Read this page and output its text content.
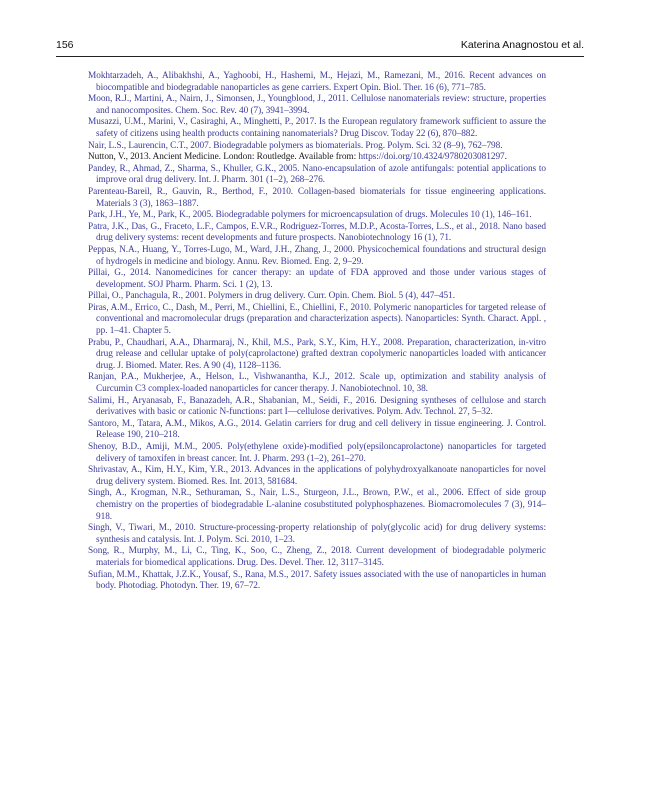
156	Katerina Anagnostou et al.

Mokhtarzadeh, A., Alibakhshi, A., Yaghoobi, H., Hashemi, M., Hejazi, M., Ramezani, M., 2016. Recent advances on biocompatible and biodegradable nanoparticles as gene carriers. Expert Opin. Biol. Ther. 16 (6), 771–785.

Moon, R.J., Martini, A., Nairn, J., Simonsen, J., Youngblood, J., 2011. Cellulose nanomaterials review: structure, properties and nanocomposites. Chem. Soc. Rev. 40 (7), 3941–3994.

Musazzi, U.M., Marini, V., Casiraghi, A., Minghetti, P., 2017. Is the European regulatory framework sufficient to assure the safety of citizens using health products containing nanomaterials? Drug Discov. Today 22 (6), 870–882.

Nair, L.S., Laurencin, C.T., 2007. Biodegradable polymers as biomaterials. Prog. Polym. Sci. 32 (8–9), 762–798.

Nutton, V., 2013. Ancient Medicine. London: Routledge. Available from: https://doi.org/10.4324/9780203081297.

Pandey, R., Ahmad, Z., Sharma, S., Khuller, G.K., 2005. Nano-encapsulation of azole antifungals: potential applications to improve oral drug delivery. Int. J. Pharm. 301 (1–2), 268–276.

Parenteau-Bareil, R., Gauvin, R., Berthod, F., 2010. Collagen-based biomaterials for tissue engineering applications. Materials 3 (3), 1863–1887.

Park, J.H., Ye, M., Park, K., 2005. Biodegradable polymers for microencapsulation of drugs. Molecules 10 (1), 146–161.

Patra, J.K., Das, G., Fraceto, L.F., Campos, E.V.R., Rodriguez-Torres, M.D.P., Acosta-Torres, L.S., et al., 2018. Nano based drug delivery systems: recent developments and future prospects. Nanobiotechnology 16 (1), 71.

Peppas, N.A., Huang, Y., Torres-Lugo, M., Ward, J.H., Zhang, J., 2000. Physicochemical foundations and structural design of hydrogels in medicine and biology. Annu. Rev. Biomed. Eng. 2, 9–29.

Pillai, G., 2014. Nanomedicines for cancer therapy: an update of FDA approved and those under various stages of development. SOJ Pharm. Pharm. Sci. 1 (2), 13.

Pillai, O., Panchagula, R., 2001. Polymers in drug delivery. Curr. Opin. Chem. Biol. 5 (4), 447–451.

Piras, A.M., Errico, C., Dash, M., Perri, M., Chiellini, E., Chiellini, F., 2010. Polymeric nanoparticles for targeted release of conventional and macromolecular drugs (preparation and characterization aspects). Nanoparticles: Synth. Charact. Appl. , pp. 1–41. Chapter 5.

Prabu, P., Chaudhari, A.A., Dharmaraj, N., Khil, M.S., Park, S.Y., Kim, H.Y., 2008. Preparation, characterization, in-vitro drug release and cellular uptake of poly(caprolactone) grafted dextran copolymeric nanoparticles loaded with anticancer drug. J. Biomed. Mater. Res. A 90 (4), 1128–1136.

Ranjan, P.A., Mukherjee, A., Helson, L., Vishwanantha, K.J., 2012. Scale up, optimization and stability analysis of Curcumin C3 complex-loaded nanoparticles for cancer therapy. J. Nanobiotechnol. 10, 38.

Salimi, H., Aryanasab, F., Banazadeh, A.R., Shabanian, M., Seidi, F., 2016. Designing syntheses of cellulose and starch derivatives with basic or cationic N-functions: part I—cellulose derivatives. Polym. Adv. Technol. 27, 5–32.

Santoro, M., Tatara, A.M., Mikos, A.G., 2014. Gelatin carriers for drug and cell delivery in tissue engineering. J. Control. Release 190, 210–218.

Shenoy, B.D., Amiji, M.M., 2005. Poly(ethylene oxide)-modified poly(epsiloncaprolactone) nanoparticles for targeted delivery of tamoxifen in breast cancer. Int. J. Pharm. 293 (1–2), 261–270.

Shrivastav, A., Kim, H.Y., Kim, Y.R., 2013. Advances in the applications of polyhydroxyalkanoate nanoparticles for novel drug delivery system. Biomed. Res. Int. 2013, 581684.

Singh, A., Krogman, N.R., Sethuraman, S., Nair, L.S., Sturgeon, J.L., Brown, P.W., et al., 2006. Effect of side group chemistry on the properties of biodegradable L-alanine cosubstituted polyphosphazenes. Biomacromolecules 7 (3), 914–918.

Singh, V., Tiwari, M., 2010. Structure-processing-property relationship of poly(glycolic acid) for drug delivery systems: synthesis and catalysis. Int. J. Polym. Sci. 2010, 1–23.

Song, R., Murphy, M., Li, C., Ting, K., Soo, C., Zheng, Z., 2018. Current development of biodegradable polymeric materials for biomedical applications. Drug. Des. Devel. Ther. 12, 3117–3145.

Sufian, M.M., Khattak, J.Z.K., Yousaf, S., Rana, M.S., 2017. Safety issues associated with the use of nanoparticles in human body. Photodiag. Photodyn. Ther. 19, 67–72.
